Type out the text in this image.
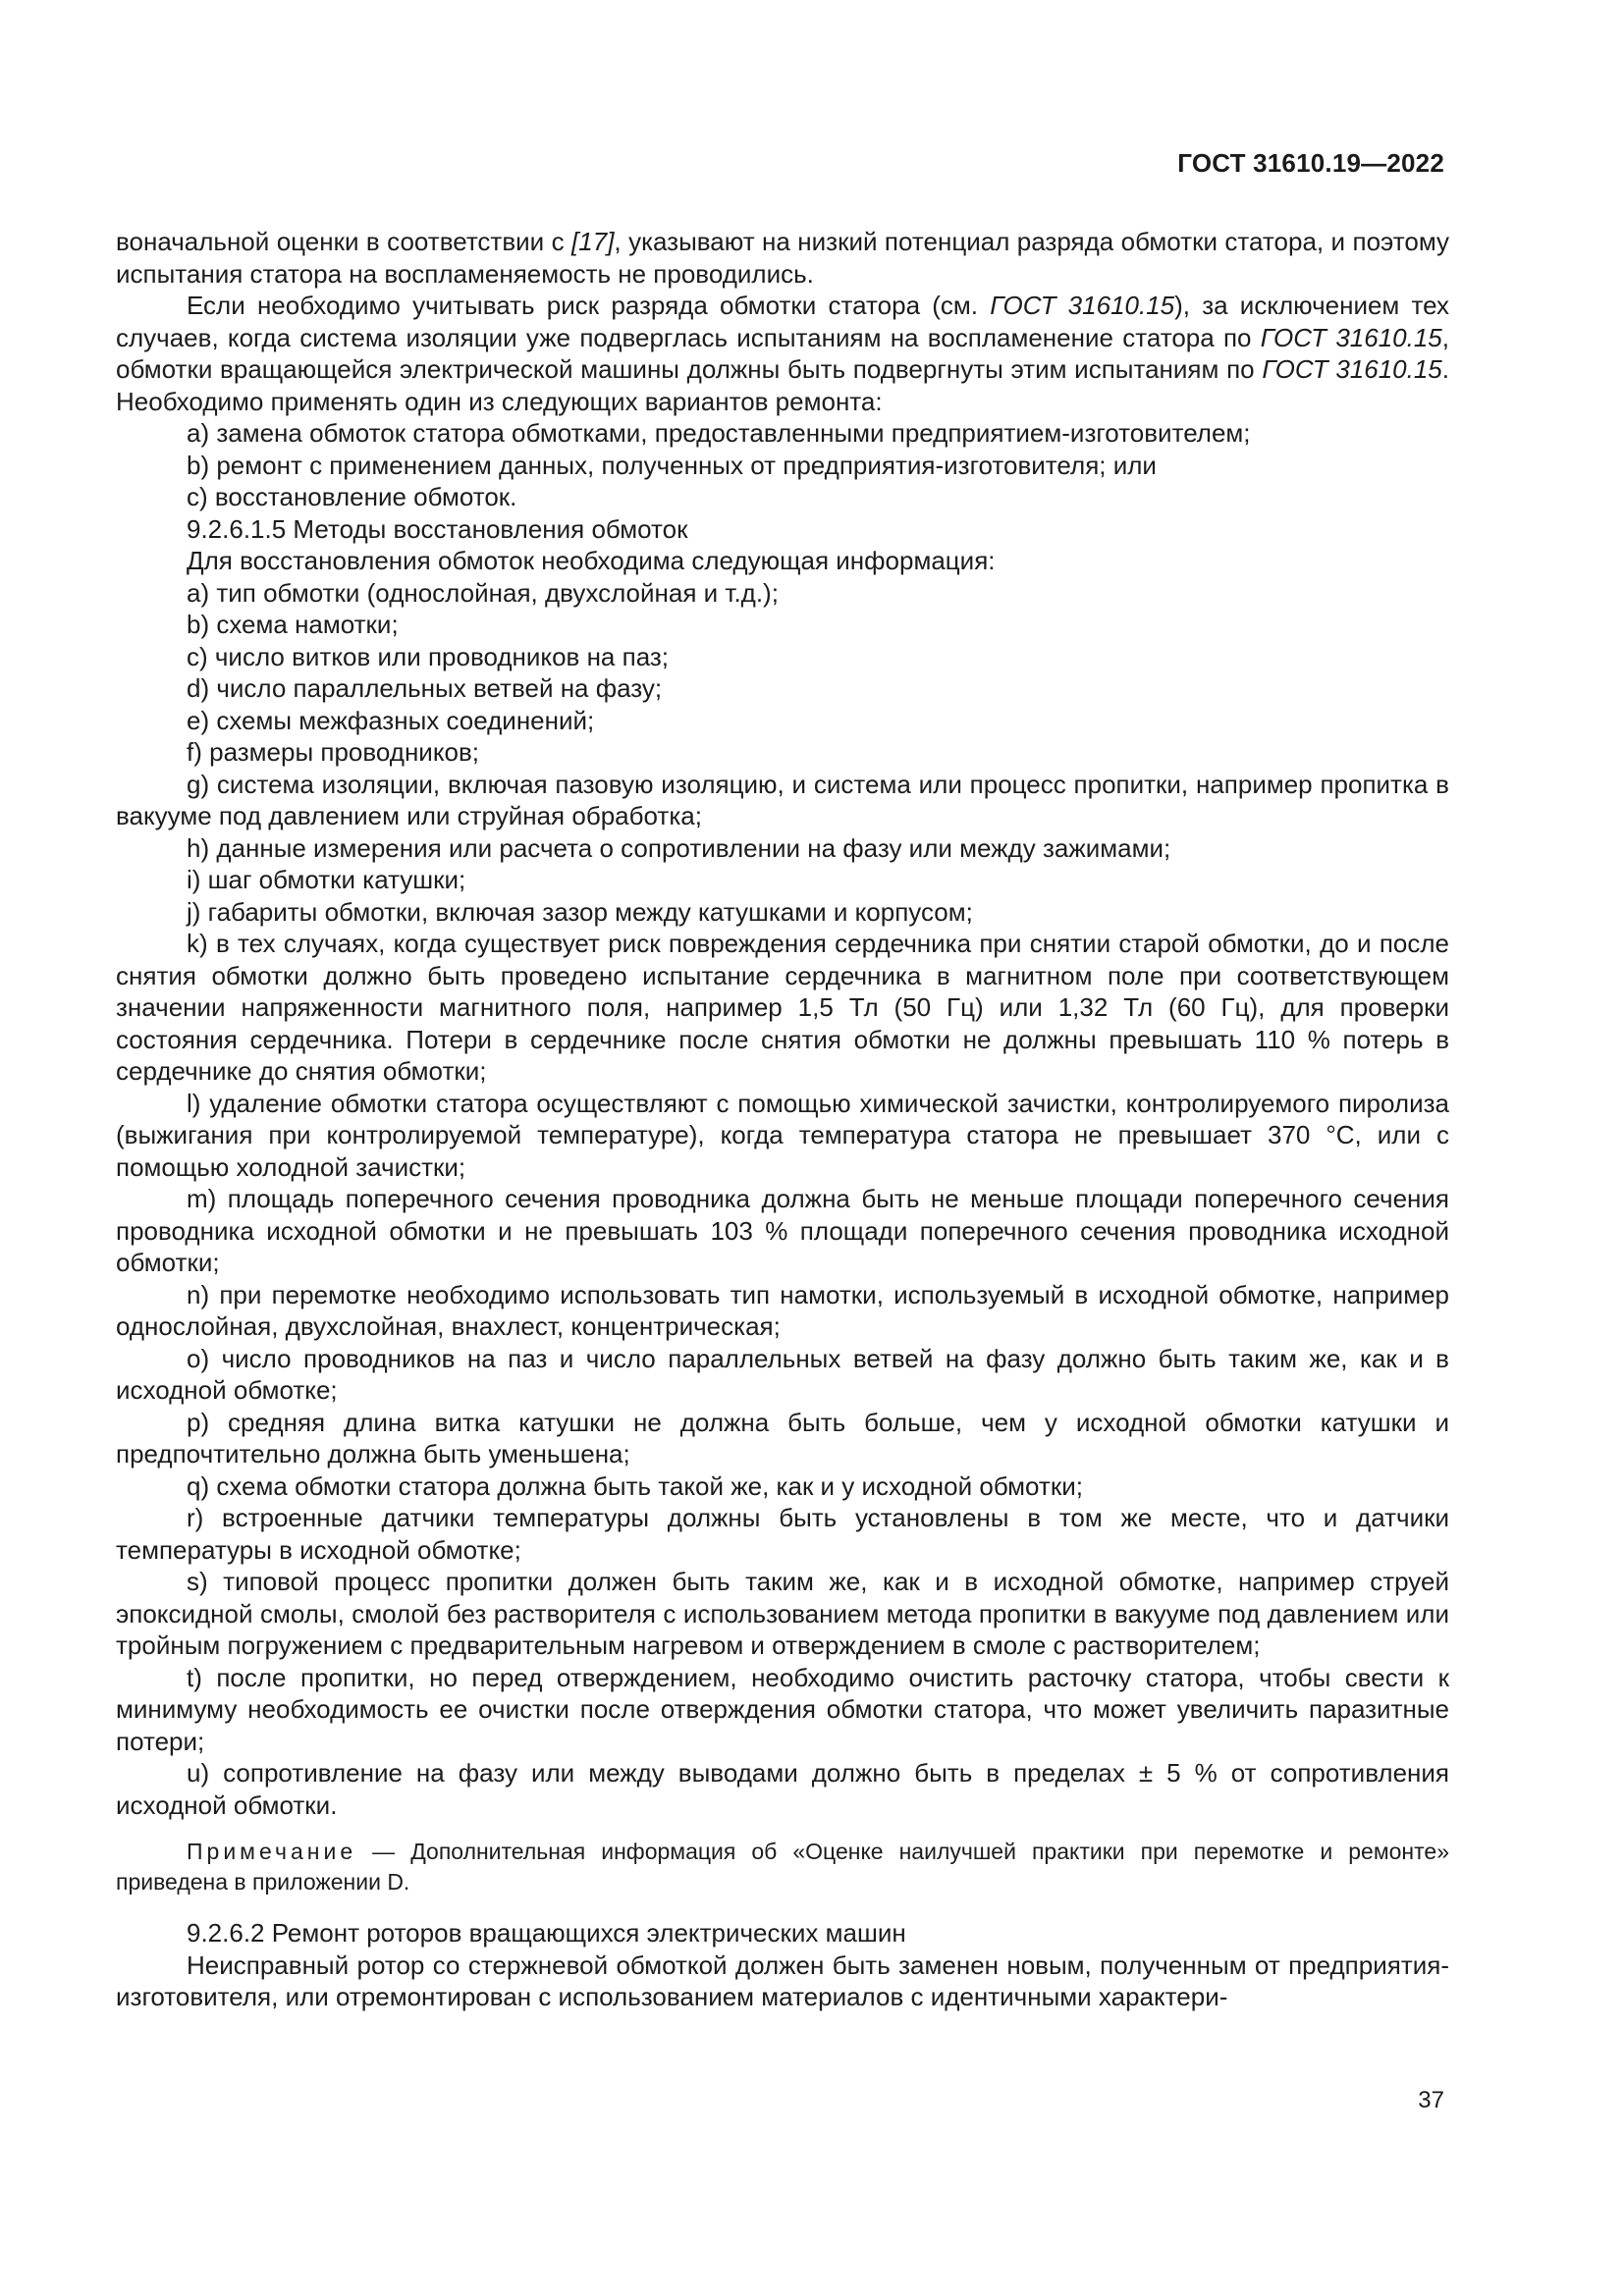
ГОСТ 31610.19—2022
воначальной оценки в соответствии с [17], указывают на низкий потенциал разряда обмотки статора, и поэтому испытания статора на воспламеняемость не проводились.
Если необходимо учитывать риск разряда обмотки статора (см. ГОСТ 31610.15), за исключением тех случаев, когда система изоляции уже подверглась испытаниям на воспламенение статора по ГОСТ 31610.15, обмотки вращающейся электрической машины должны быть подвергнуты этим испытаниям по ГОСТ 31610.15. Необходимо применять один из следующих вариантов ремонта:
a) замена обмоток статора обмотками, предоставленными предприятием-изготовителем;
b) ремонт с применением данных, полученных от предприятия-изготовителя; или
c) восстановление обмоток.
9.2.6.1.5 Методы восстановления обмоток
Для восстановления обмоток необходима следующая информация:
a) тип обмотки (однослойная, двухслойная и т.д.);
b) схема намотки;
c) число витков или проводников на паз;
d) число параллельных ветвей на фазу;
e) схемы межфазных соединений;
f) размеры проводников;
g) система изоляции, включая пазовую изоляцию, и система или процесс пропитки, например пропитка в вакууме под давлением или струйная обработка;
h) данные измерения или расчета о сопротивлении на фазу или между зажимами;
i) шаг обмотки катушки;
j) габариты обмотки, включая зазор между катушками и корпусом;
k) в тех случаях, когда существует риск повреждения сердечника при снятии старой обмотки, до и после снятия обмотки должно быть проведено испытание сердечника в магнитном поле при соответствующем значении напряженности магнитного поля, например 1,5 Тл (50 Гц) или 1,32 Тл (60 Гц), для проверки состояния сердечника. Потери в сердечнике после снятия обмотки не должны превышать 110 % потерь в сердечнике до снятия обмотки;
l) удаление обмотки статора осуществляют с помощью химической зачистки, контролируемого пиролиза (выжигания при контролируемой температуре), когда температура статора не превышает 370 °С, или с помощью холодной зачистки;
m) площадь поперечного сечения проводника должна быть не меньше площади поперечного сечения проводника исходной обмотки и не превышать 103 % площади поперечного сечения проводника исходной обмотки;
n) при перемотке необходимо использовать тип намотки, используемый в исходной обмотке, например однослойная, двухслойная, внахлест, концентрическая;
o) число проводников на паз и число параллельных ветвей на фазу должно быть таким же, как и в исходной обмотке;
p) средняя длина витка катушки не должна быть больше, чем у исходной обмотки катушки и предпочтительно должна быть уменьшена;
q) схема обмотки статора должна быть такой же, как и у исходной обмотки;
r) встроенные датчики температуры должны быть установлены в том же месте, что и датчики температуры в исходной обмотке;
s) типовой процесс пропитки должен быть таким же, как и в исходной обмотке, например струей эпоксидной смолы, смолой без растворителя с использованием метода пропитки в вакууме под давлением или тройным погружением с предварительным нагревом и отверждением в смоле с растворителем;
t) после пропитки, но перед отверждением, необходимо очистить расточку статора, чтобы свести к минимуму необходимость ее очистки после отверждения обмотки статора, что может увеличить паразитные потери;
u) сопротивление на фазу или между выводами должно быть в пределах ± 5 % от сопротивления исходной обмотки.
Примечание — Дополнительная информация об «Оценке наилучшей практики при перемотке и ремонте» приведена в приложении D.
9.2.6.2 Ремонт роторов вращающихся электрических машин
Неисправный ротор со стержневой обмоткой должен быть заменен новым, полученным от предприятия-изготовителя, или отремонтирован с использованием материалов с идентичными характери-
37
